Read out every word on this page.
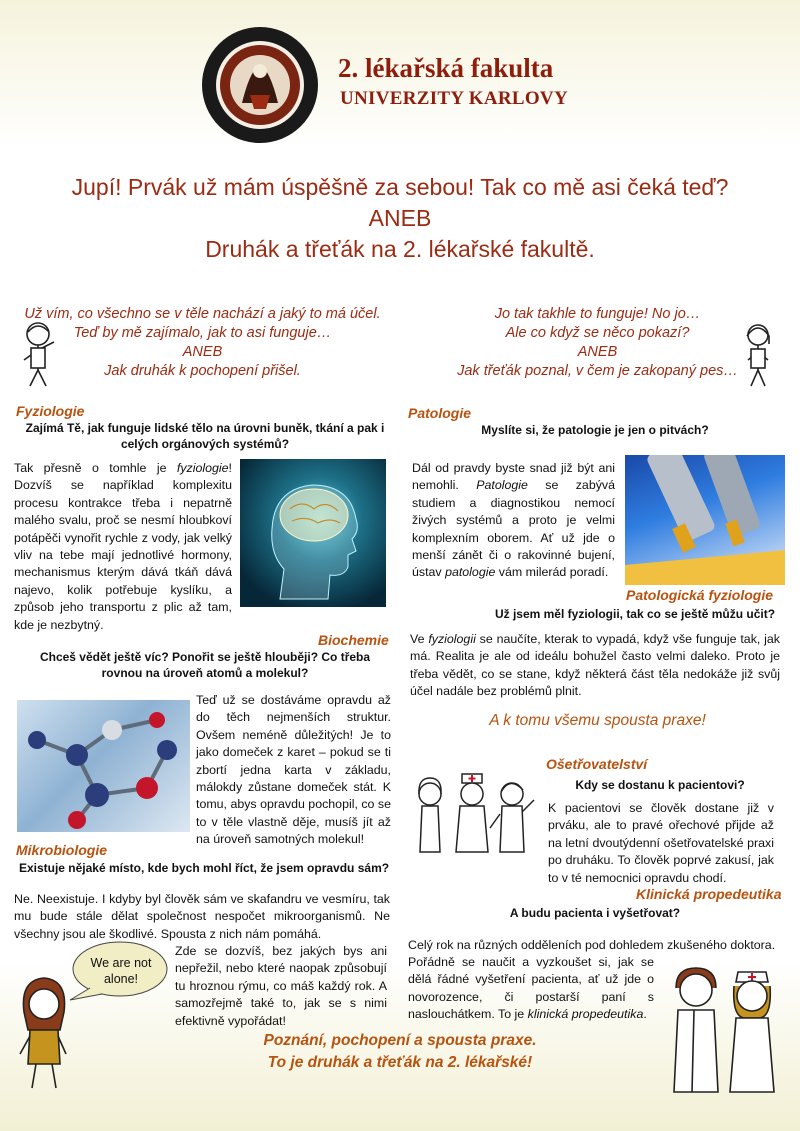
2. lékařská fakulta
UNIVERZITY KARLOVY
Jupí! Prvák už mám úspěšně za sebou! Tak co mě asi čeká teď?
ANEB
Druhák a třeťák na 2. lékařské fakultě.
Už vím, co všechno se v těle nachází a jaký to má účel.
Teď by mě zajímalo, jak to asi funguje…
ANEB
Jak druhák k pochopení přišel.
Jo tak takhle to funguje! No jo…
Ale co když se něco pokazí?
ANEB
Jak třeťák poznal, v čem je zakopaný pes…
Fyziologie
Zajímá Tě, jak funguje lidské tělo na úrovni buněk, tkání a pak i celých orgánových systémů?
Tak přesně o tomhle je fyziologie! Dozvíš se například komplexitu procesu kontrakce třeba i nepatrně malého svalu, proč se nesmí hloubkoví potápěči vynořit rychle z vody, jak velký vliv na tebe mají jednotlivé hormony, mechanismus kterým dává tkáň dává najevo, kolik potřebuje kyslíku, a způsob jeho transportu z plic až tam, kde je nezbytný.
Biochemie
Chceš vědět ještě víc? Ponořit se ještě hlouběji? Co třeba rovnou na úroveň atomů a molekul?
Teď už se dostáváme opravdu až do těch nejmenších struktur. Ovšem neméně důležitých! Je to jako domeček z karet – pokud se ti zbortí jedna karta v základu, málokdy zůstane domeček stát. K tomu, abys opravdu pochopil, co se to v těle vlastně děje, musíš jít až na úroveň samotných molekul!
Mikrobiologie
Existuje nějaké místo, kde bych mohl říct, že jsem opravdu sám?
Ne. Neexistuje. I kdyby byl člověk sám ve skafandru ve vesmíru, tak mu bude stále dělat společnost nespočet mikroorganismů. Ne všechny jsou ale škodlivé. Spousta z nich nám pomáhá.
Zde se dozvíš, bez jakých bys ani nepřežil, nebo které naopak způsobují tu hroznou rýmu, co máš každý rok. A samozřejmě také to, jak se s nimi efektivně vypořádat!
We are not alone!
Patologie
Myslíte si, že patologie je jen o pitvách?
Dál od pravdy byste snad již být ani nemohli. Patologie se zabývá studiem a diagnostikou nemocí živých systémů a proto je velmi komplexním oborem. Ať už jde o menší zánět či o rakovinné bujení, ústav patologie vám milerád poradí.
Patologická fyziologie
Už jsem měl fyziologii, tak co se ještě můžu učit?
Ve fyziologii se naučíte, kterak to vypadá, když vše funguje tak, jak má. Realita je ale od ideálu bohužel často velmi daleko. Proto je třeba vědět, co se stane, když některá část těla nedokáže již svůj účel nadále bez problémů plnit.
A k tomu všemu spousta praxe!
Ošetřovatelství
Kdy se dostanu k pacientovi?
K pacientovi se člověk dostane již v prváku, ale to pravé ořechové přijde až na letní dvoutýdenní ošetřovatelské praxi po druháku. To člověk poprvé zakusí, jak to v té nemocnici opravdu chodí.
Klinická propedeutika
A budu pacienta i vyšetřovat?
Celý rok na různých odděleních pod dohledem zkušeného doktora.
Pořádně se naučit a vyzkoušet si, jak se dělá řádné vyšetření pacienta, ať už jde o novorozence, či postarší paní s naslouchátkem. To je klinická propedeutika.
Poznání, pochopení a spousta praxe.
To je druhák a třeťák na 2. lékařské!
